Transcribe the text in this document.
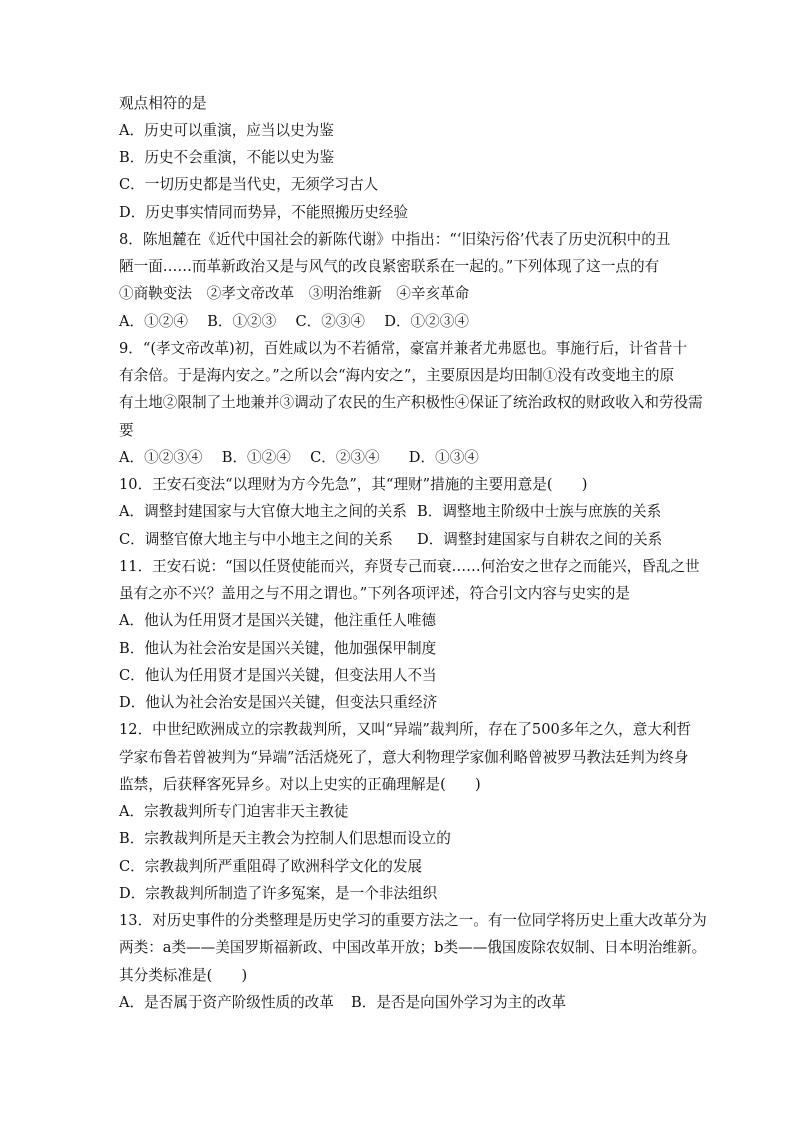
观点相符的是
A．历史可以重演，应当以史为鉴
B．历史不会重演，不能以史为鉴
C．一切历史都是当代史，无须学习古人
D．历史事实情同而势异，不能照搬历史经验
8．陈旭麓在《近代中国社会的新陈代谢》中指出：“‘旧染污俗’代表了历史沉积中的丑
陋一面……而革新政治又是与风气的改良紧密联系在一起的。”下列体现了这一点的有
①商鞅变法　②孝文帝改革　③明治维新　④辛亥革命
A．①②④　 B．①②③　 C．②③④　 D．①②③④
9．“(孝文帝改革)初，百姓咸以为不若循常，豪富并兼者尤弗愿也。事施行后，计省昔十
有余倍。于是海内安之。”之所以会“海内安之”，主要原因是均田制①没有改变地主的原
有土地②限制了土地兼并③调动了农民的生产积极性④保证了统治政权的财政收入和劳役需
要
A．①②③④　 B．①②④　 C．②③④　　D．①③④
10．王安石变法“以理财为方今先急”，其“理财”措施的主要用意是(　　)
A．调整封建国家与大官僚大地主之间的关系 B．调整地主阶级中士族与庶族的关系
C．调整官僚大地主与中小地主之间的关系	D．调整封建国家与自耕农之间的关系
11．王安石说：“国以任贤使能而兴，弃贤专己而衰……何治安之世存之而能兴，昏乱之世
虽有之亦不兴？盖用之与不用之谓也。”下列各项评述，符合引文内容与史实的是
A．他认为任用贤才是国兴关键，他注重任人唯德
B．他认为社会治安是国兴关键，他加强保甲制度
C．他认为任用贤才是国兴关键，但变法用人不当
D．他认为社会治安是国兴关键，但变法只重经济
12．中世纪欧洲成立的宗教裁判所，又叫“异端”裁判所，存在了500多年之久，意大利哲
学家布鲁若曾被判为“异端”活活烧死了，意大利物理学家伽利略曾被罗马教法廷判为终身
监禁，后获释客死异乡。对以上史实的正确理解是(　　)
A．宗教裁判所专门迫害非天主教徒
B．宗教裁判所是天主教会为控制人们思想而设立的
C．宗教裁判所严重阻碍了欧洲科学文化的发展
D．宗教裁判所制造了许多冤案，是一个非法组织
13．对历史事件的分类整理是历史学习的重要方法之一。有一位同学将历史上重大改革分为
两类：a类——美国罗斯福新政、中国改革开放；b类——俄国废除农奴制、日本明治维新。
其分类标准是(　　)
A．是否属于资产阶级性质的改革	B．是否是向国外学习为主的改革
